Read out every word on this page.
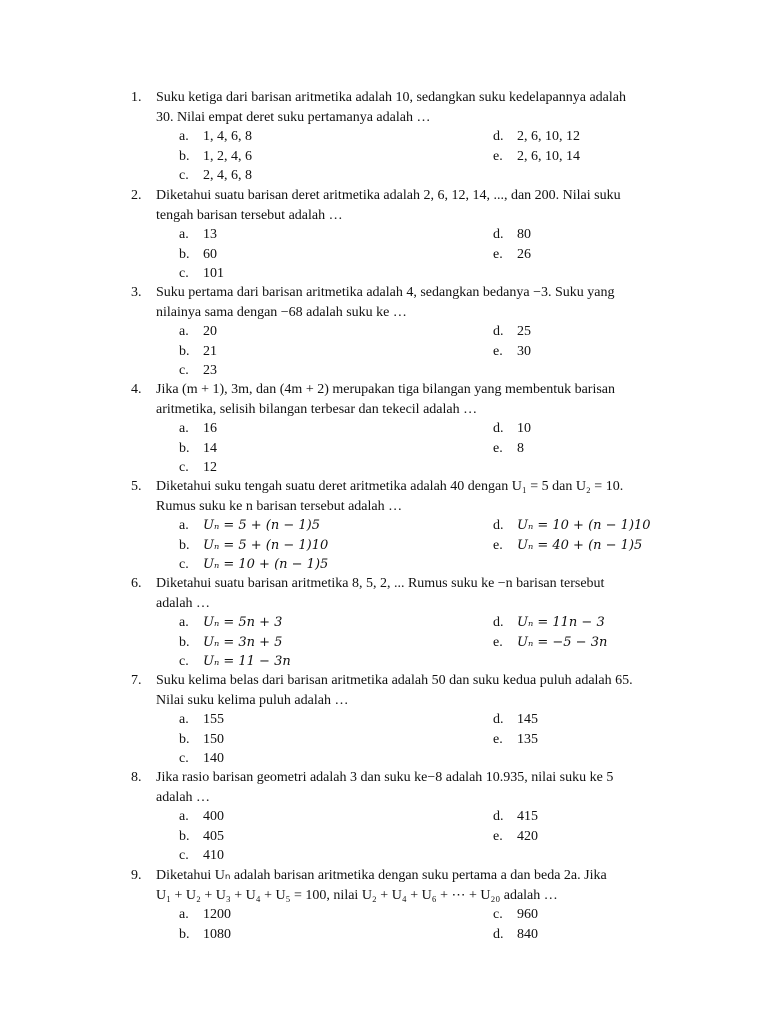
1. Suku ketiga dari barisan aritmetika adalah 10, sedangkan suku kedelapannya adalah
30. Nilai empat deret suku pertamanya adalah …
a. 1, 4, 6, 8
b. 1, 2, 4, 6
c. 2, 4, 6, 8
d. 2, 6, 10, 12
e. 2, 6, 10, 14
2. Diketahui suatu barisan deret aritmetika adalah 2, 6, 12, 14, ..., dan 200. Nilai suku
tengah barisan tersebut adalah …
a. 13
b. 60
c. 101
d. 80
e. 26
3. Suku pertama dari barisan aritmetika adalah 4, sedangkan bedanya −3. Suku yang
nilainya sama dengan −68 adalah suku ke …
a. 20
b. 21
c. 23
d. 25
e. 30
4. Jika (m + 1), 3m, dan (4m + 2) merupakan tiga bilangan yang membentuk barisan
aritmetika, selisih bilangan terbesar dan tekecil adalah …
a. 16
b. 14
c. 12
d. 10
e. 8
5. Diketahui suku tengah suatu deret aritmetika adalah 40 dengan U₁ = 5 dan U₂ = 10.
Rumus suku ke n barisan tersebut adalah …
a. Uₙ = 5 + (n − 1)5
b. Uₙ = 5 + (n − 1)10
c. Uₙ = 10 + (n − 1)5
d. Uₙ = 10 + (n − 1)10
e. Uₙ = 40 + (n − 1)5
6. Diketahui suatu barisan aritmetika 8, 5, 2, ... Rumus suku ke −n barisan tersebut
adalah …
a. Uₙ = 5n + 3
b. Uₙ = 3n + 5
c. Uₙ = 11 − 3n
d. Uₙ = 11n − 3
e. Uₙ = −5 − 3n
7. Suku kelima belas dari barisan aritmetika adalah 50 dan suku kedua puluh adalah 65.
Nilai suku kelima puluh adalah …
a. 155
b. 150
c. 140
d. 145
e. 135
8. Jika rasio barisan geometri adalah 3 dan suku ke−8 adalah 10.935, nilai suku ke 5
adalah …
a. 400
b. 405
c. 410
d. 415
e. 420
9. Diketahui Uₙ adalah barisan aritmetika dengan suku pertama a dan beda 2a. Jika
U₁ + U₂ + U₃ + U₄ + U₅ = 100, nilai U₂ + U₄ + U₆ + ⋯ + U₂₀ adalah …
a. 1200
b. 1080
c. 960
d. 840
